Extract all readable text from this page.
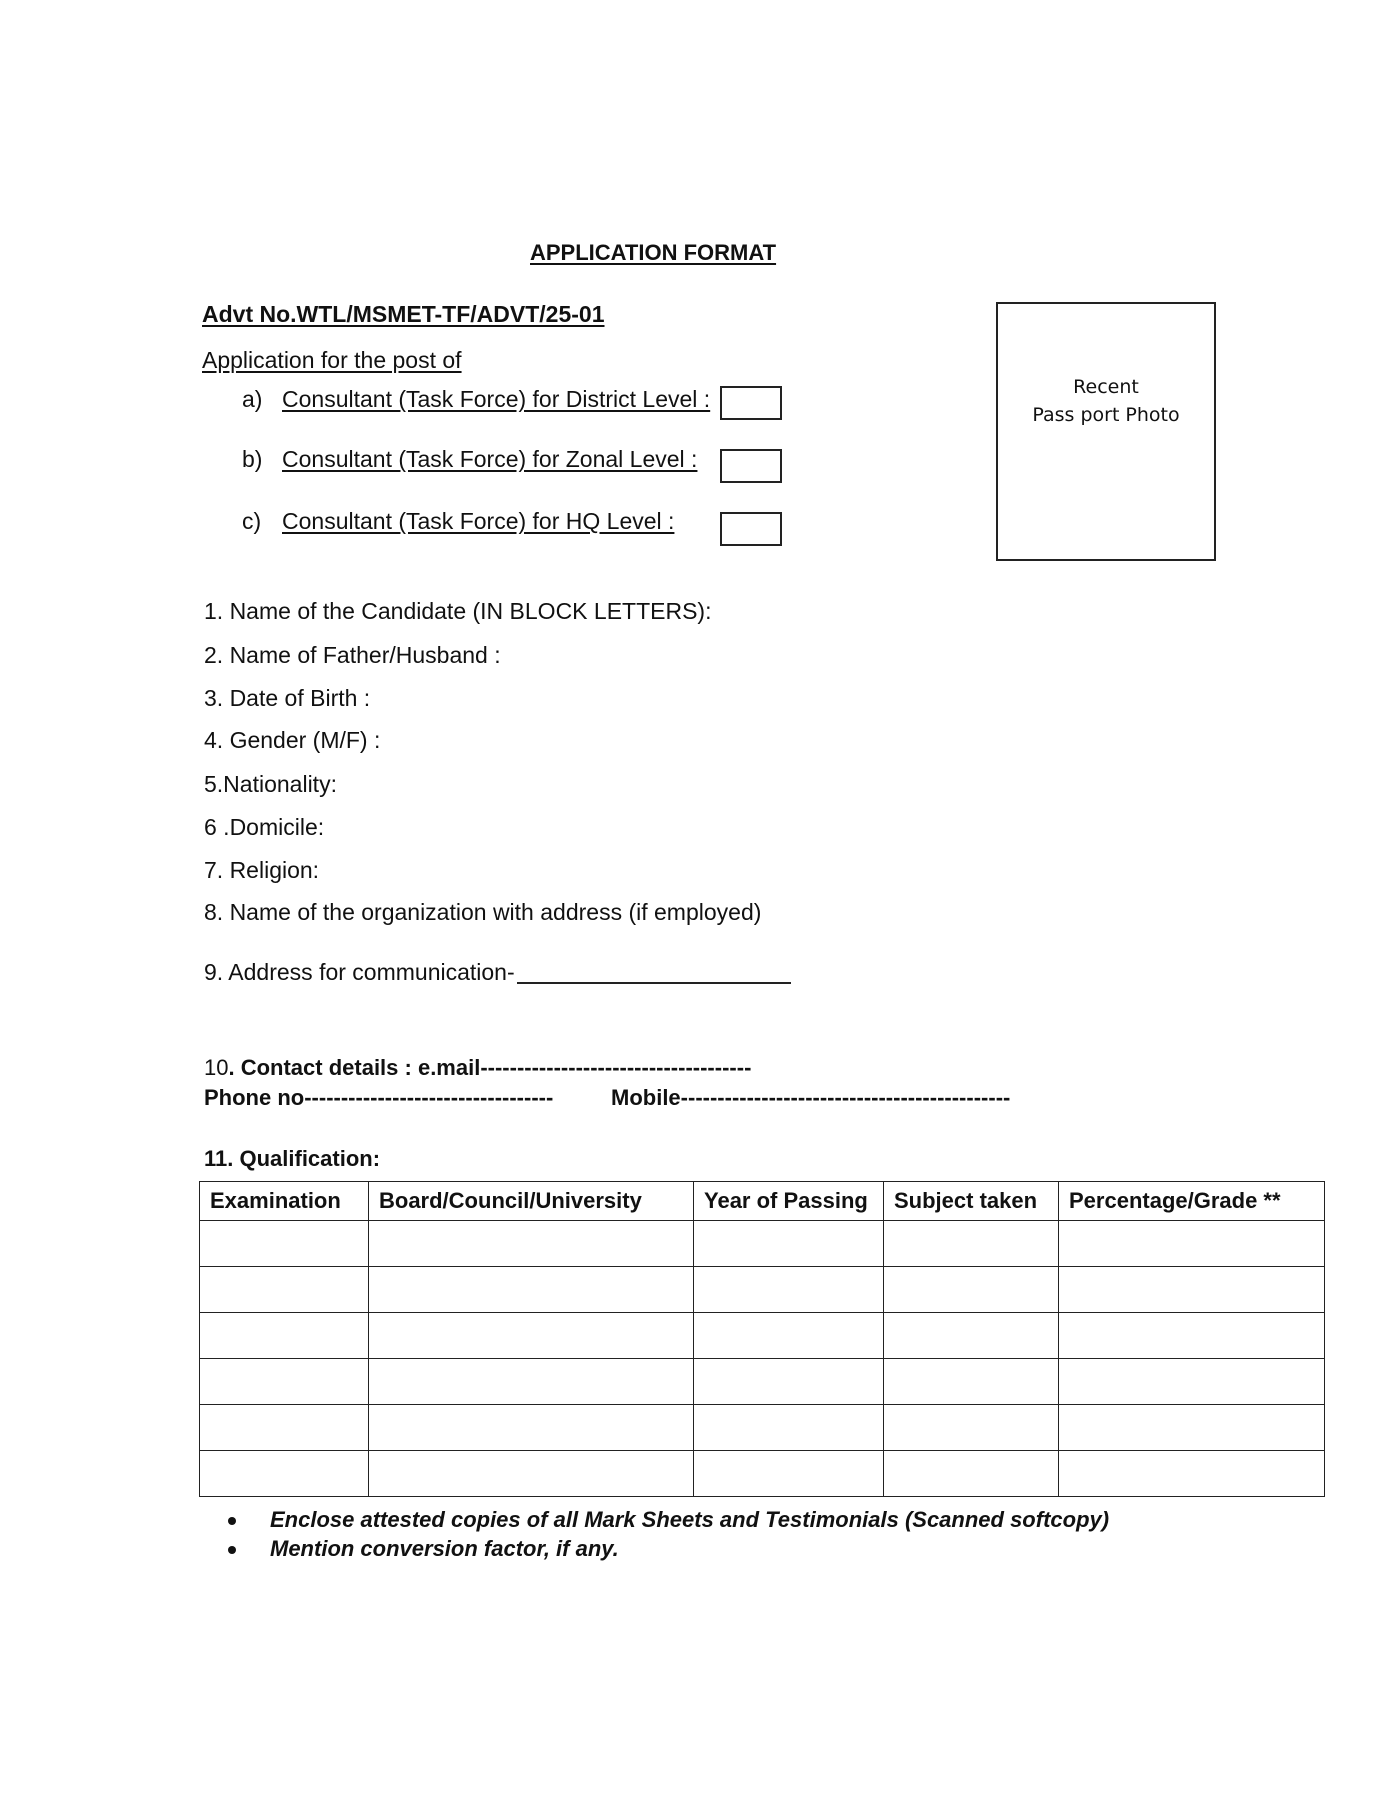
APPLICATION FORMAT
Advt No.WTL/MSMET-TF/ADVT/25-01
Application for the post of
a) Consultant (Task Force) for District Level :
b) Consultant (Task Force) for Zonal Level :
c) Consultant (Task Force) for HQ Level :
Recent
Pass port Photo
1. Name of the Candidate (IN BLOCK LETTERS):
2. Name of Father/Husband :
3. Date of Birth :
4. Gender (M/F) :
5.Nationality:
6 .Domicile:
7. Religion:
8. Name of the organization with address (if employed)
9. Address for communication-
10. Contact details : e.mail-------------------------------------
Phone no----------------------------------	Mobile---------------------------------------------
11. Qualification:
Examination	Board/Council/University	Year of Passing	Subject taken	Percentage/Grade **

Enclose attested copies of all Mark Sheets and Testimonials (Scanned softcopy)
Mention conversion factor, if any.
